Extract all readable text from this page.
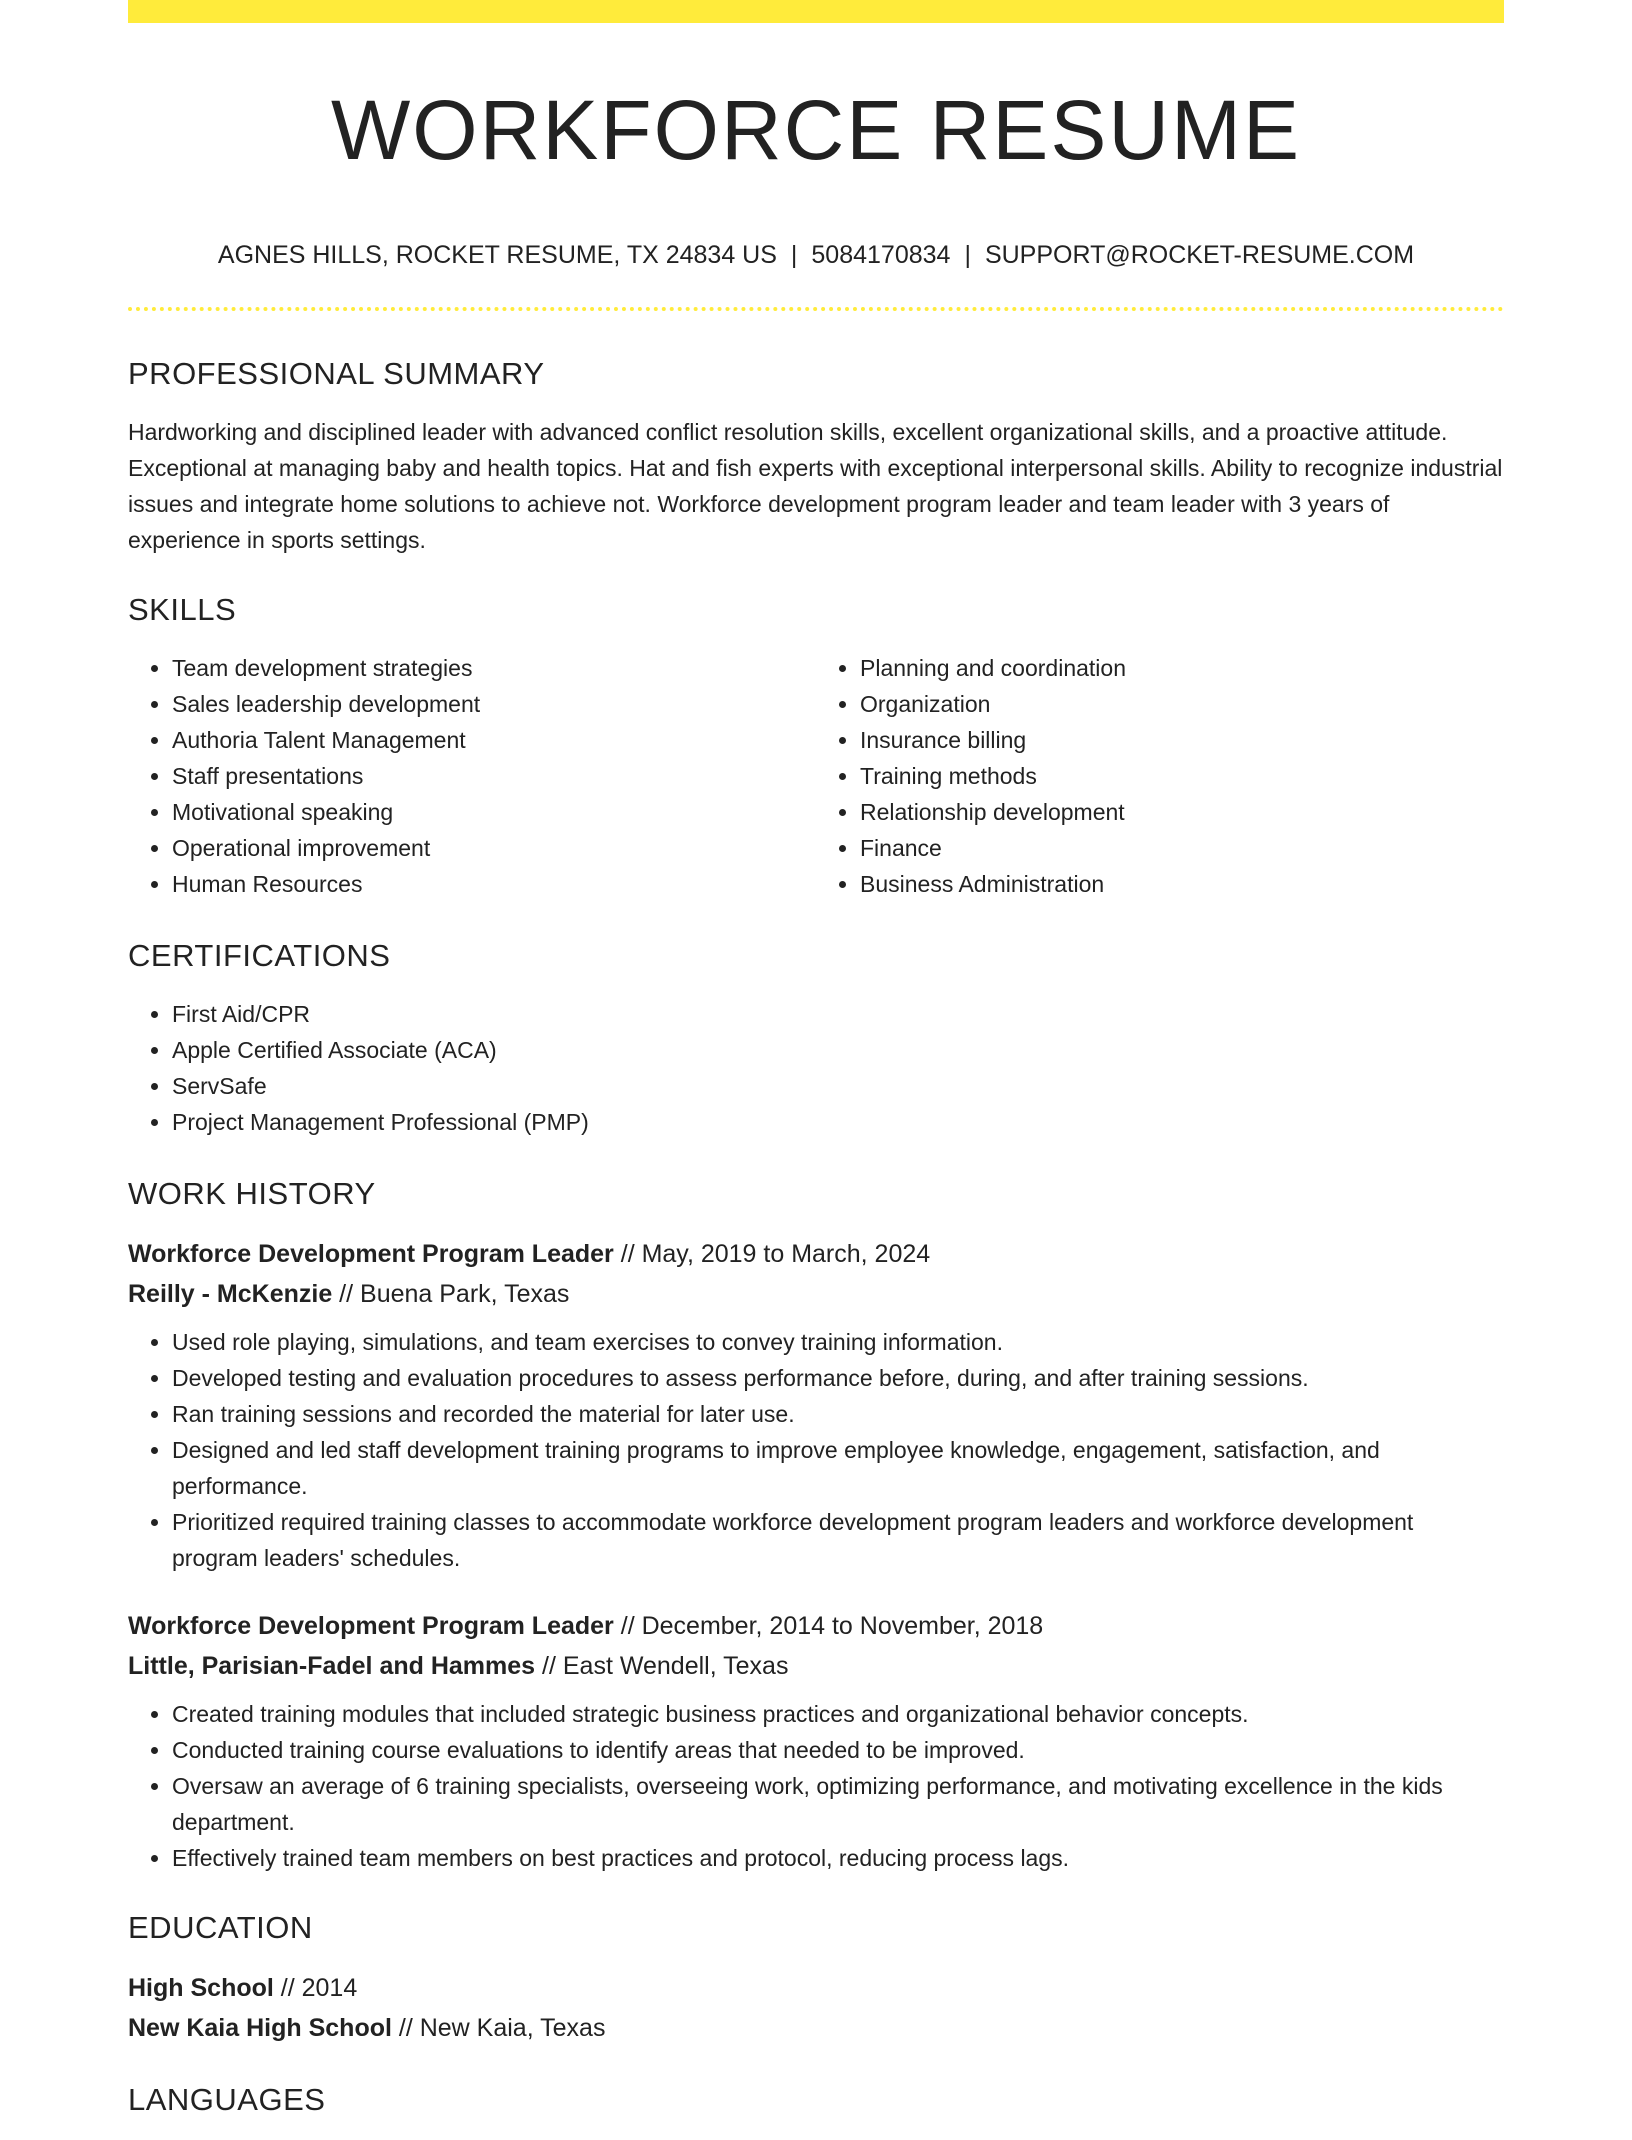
WORKFORCE RESUME
AGNES HILLS, ROCKET RESUME, TX 24834 US | 5084170834 | SUPPORT@ROCKET-RESUME.COM
PROFESSIONAL SUMMARY

Hardworking and disciplined leader with advanced conflict resolution skills, excellent organizational skills, and a proactive attitude. Exceptional at managing baby and health topics. Hat and fish experts with exceptional interpersonal skills. Ability to recognize industrial issues and integrate home solutions to achieve not. Workforce development program leader and team leader with 3 years of experience in sports settings.

SKILLS
• Team development strategies
• Sales leadership development
• Authoria Talent Management
• Staff presentations
• Motivational speaking
• Operational improvement
• Human Resources
• Planning and coordination
• Organization
• Insurance billing
• Training methods
• Relationship development
• Finance
• Business Administration
CERTIFICATIONS
• First Aid/CPR
• Apple Certified Associate (ACA)
• ServSafe
• Project Management Professional (PMP)
WORK HISTORY
Workforce Development Program Leader // May, 2019 to March, 2024
Reilly - McKenzie // Buena Park, Texas
• Used role playing, simulations, and team exercises to convey training information.
• Developed testing and evaluation procedures to assess performance before, during, and after training sessions.
• Ran training sessions and recorded the material for later use.
• Designed and led staff development training programs to improve employee knowledge, engagement, satisfaction, and performance.
• Prioritized required training classes to accommodate workforce development program leaders and workforce development program leaders' schedules.
Workforce Development Program Leader // December, 2014 to November, 2018
Little, Parisian-Fadel and Hammes // East Wendell, Texas
• Created training modules that included strategic business practices and organizational behavior concepts.
• Conducted training course evaluations to identify areas that needed to be improved.
• Oversaw an average of 6 training specialists, overseeing work, optimizing performance, and motivating excellence in the kids department.
• Effectively trained team members on best practices and protocol, reducing process lags.
EDUCATION
High School // 2014
New Kaia High School // New Kaia, Texas
LANGUAGES
